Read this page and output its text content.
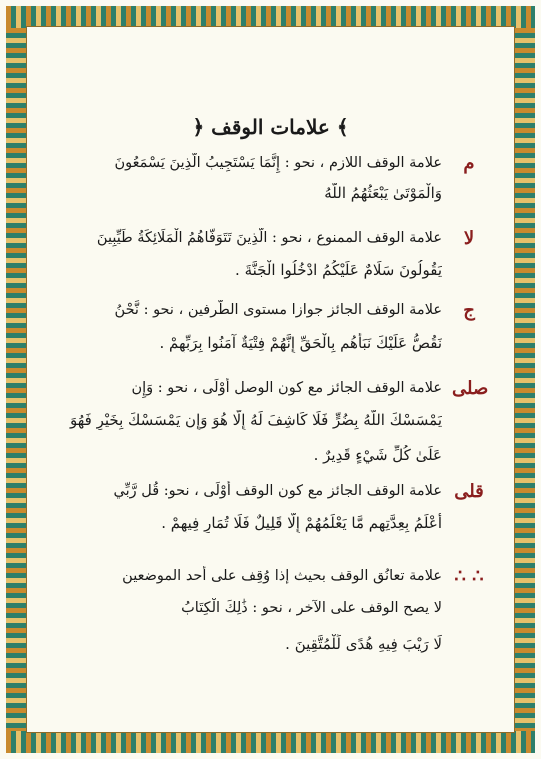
﴿ علامات الوقف ﴾
م
علامة الوقف اللازم ، نحو : إِنَّمَا يَسْتَجِيبُ الَّذِينَ يَسْمَعُونَ
وَالْمَوْتَىٰ يَبْعَثُهُمُ اللَّهُ
لا
علامة الوقف الممنوع ، نحو : الَّذِينَ تَتَوَفَّاهُمُ الْمَلَائِكَةُ طَيِّبِينَ
يَقُولُونَ سَلَامٌ عَلَيْكُمُ ادْخُلُوا الْجَنَّةَ .
ج
علامة الوقف الجائز جوازا مستوى الطّرفين ، نحو : نَّحْنُ
نَقُصُّ عَلَيْكَ نَبَأَهُم بِالْحَقِّ إِنَّهُمْ فِتْيَةٌ آمَنُوا بِرَبِّهِمْ .
صلى
علامة الوقف الجائز مع كون الوصل أَوْلَى ، نحو : وَإِن
يَمْسَسْكَ اللَّهُ بِضُرٍّ فَلَا كَاشِفَ لَهُ إِلَّا هُوَ وَإِن يَمْسَسْكَ بِخَيْرٍ فَهُوَ
عَلَىٰ كُلِّ شَيْءٍ قَدِيرٌ .
قلى
علامة الوقف الجائز مع كون الوقف أَوْلَى ، نحو: قُل رَّبِّي
أَعْلَمُ بِعِدَّتِهِم مَّا يَعْلَمُهُمْ إِلَّا قَلِيلٌ فَلَا تُمَارِ فِيهِمْ .
∴ ∴
علامة تعانُق الوقف بحيث إذا وُقِف على أحد الموضعين
لا يصح الوقف على الآخر ، نحو : ذَٰلِكَ الْكِتَابُ
لَا رَيْبَ فِيهِ هُدًى لِّلْمُتَّقِينَ .
